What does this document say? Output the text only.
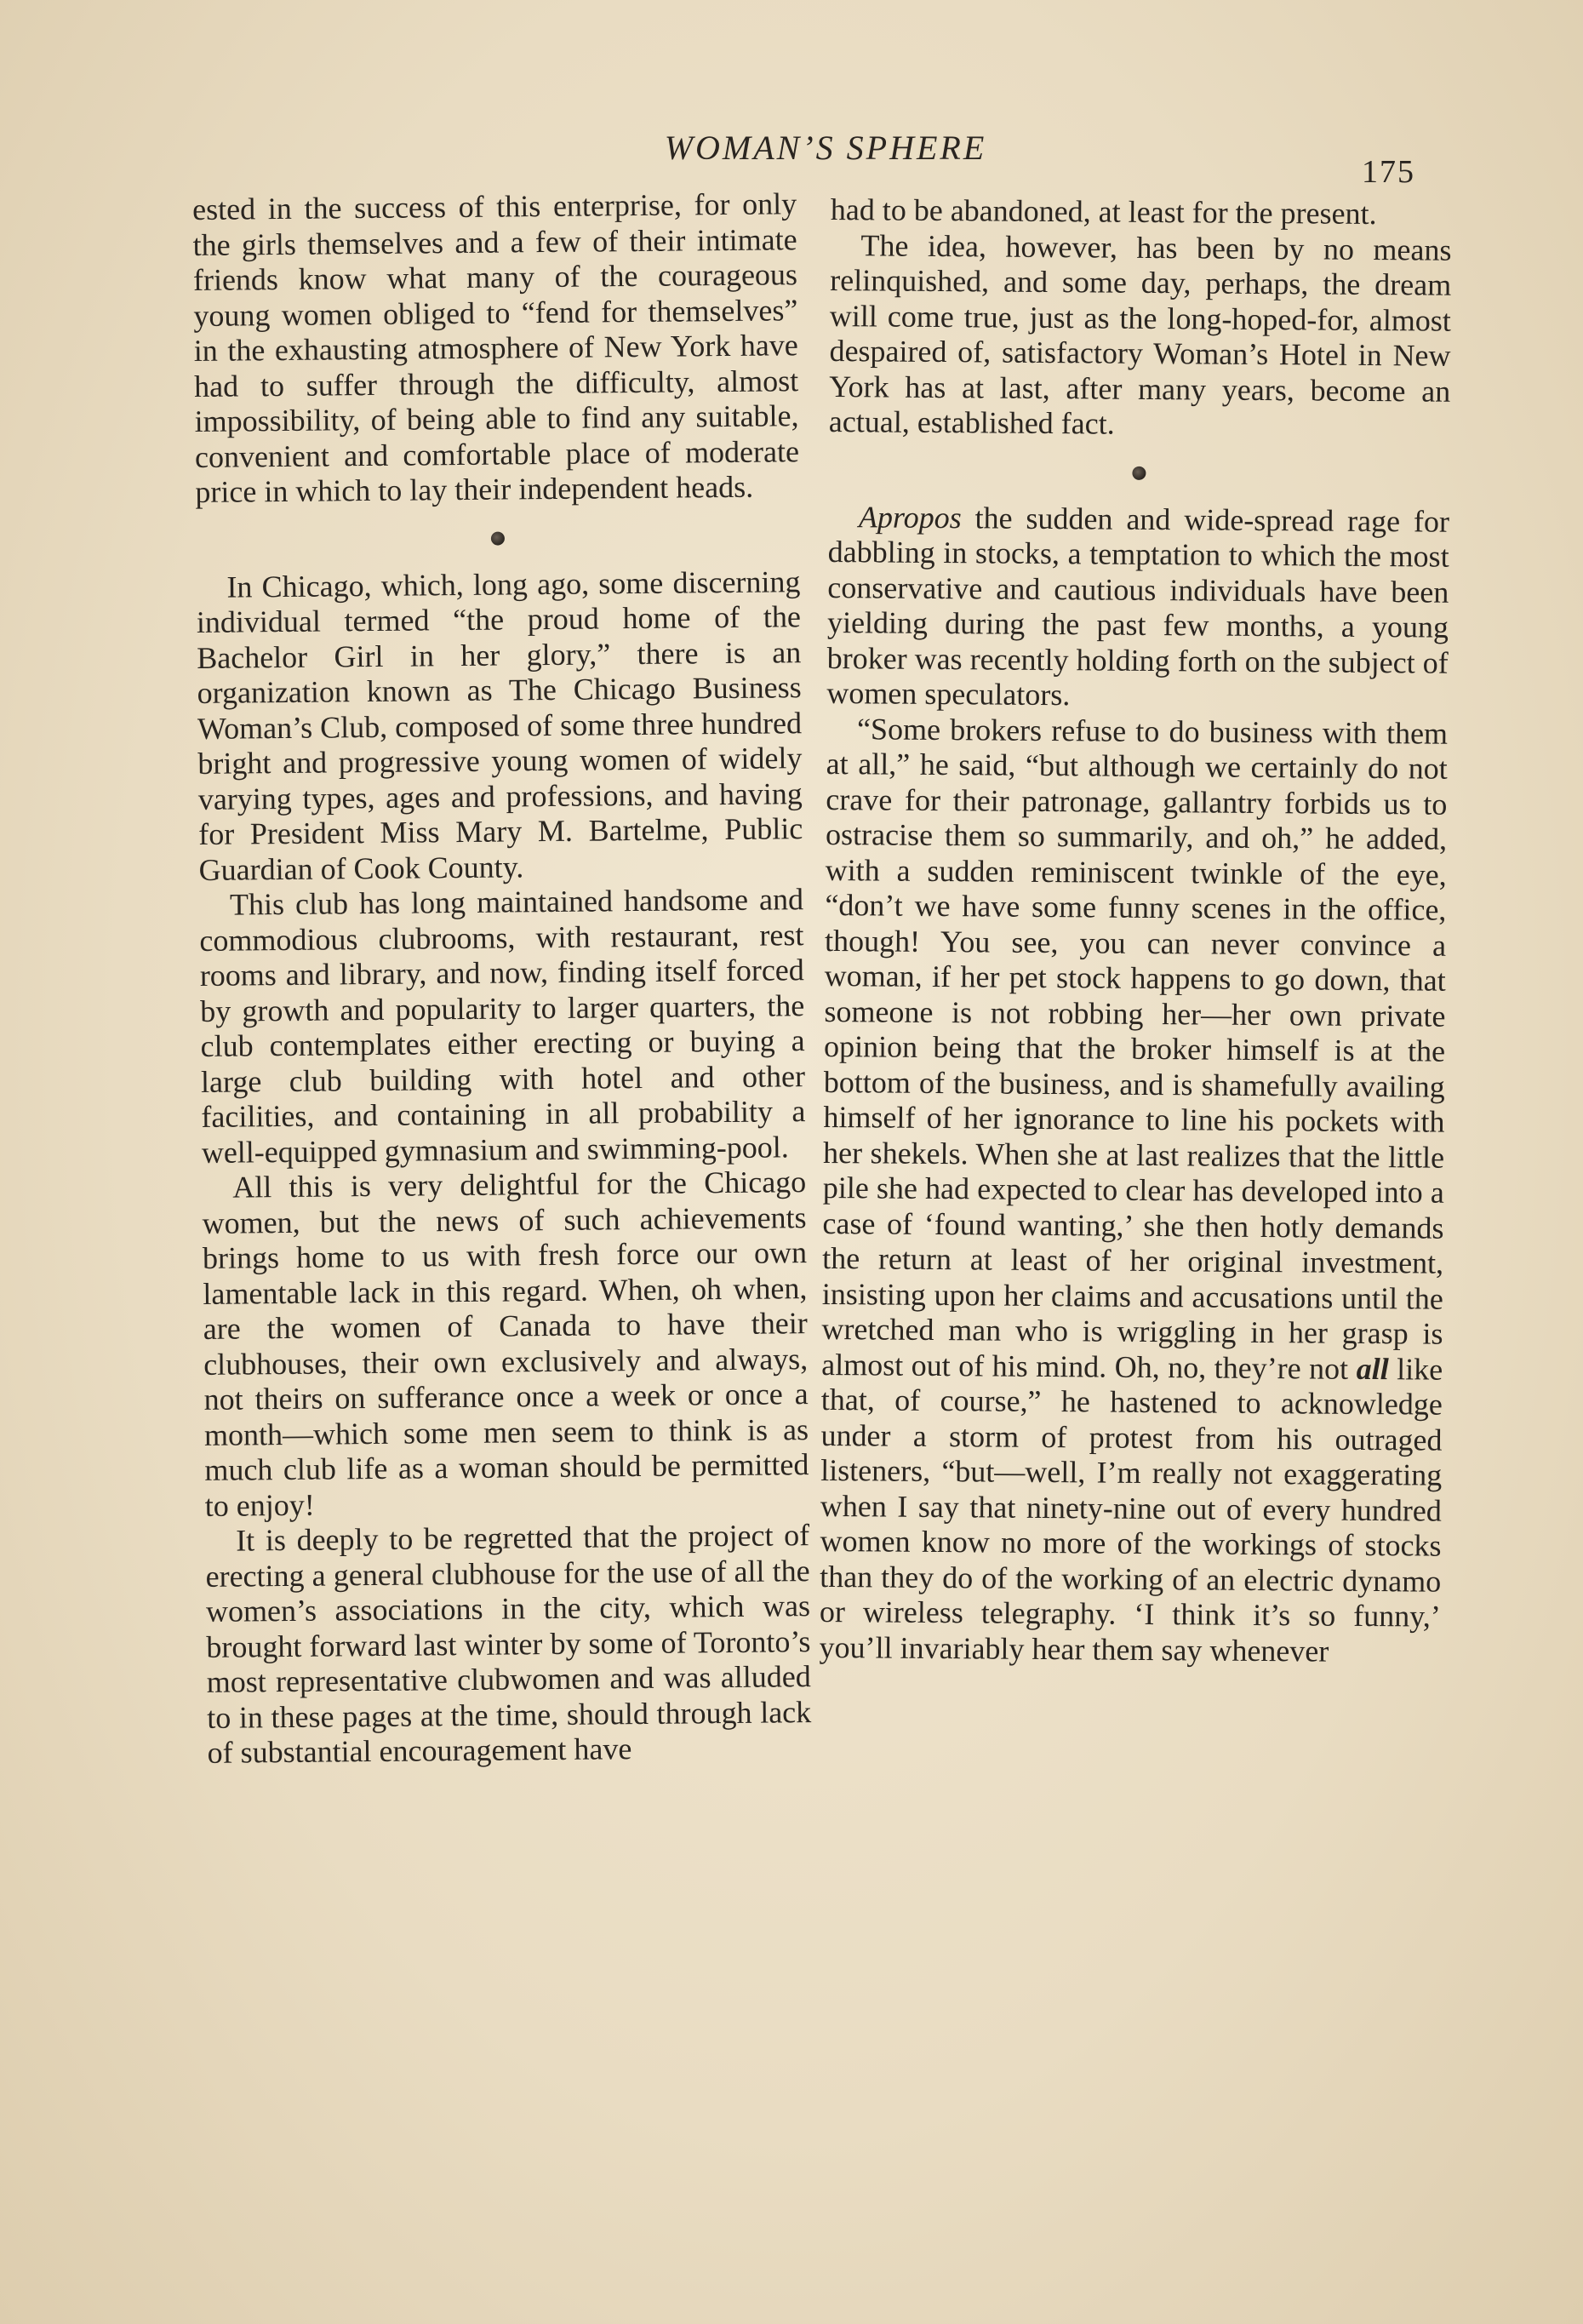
WOMAN’S SPHERE
175

ested in the success of this enterprise, for only the girls themselves and a few of their intimate friends know what many of the courageous young women obliged to “fend for themselves” in the exhausting atmosphere of New York have had to suffer through the difficulty, almost impossibility, of being able to find any suitable, convenient and comfortable place of moderate price in which to lay their independent heads.

In Chicago, which, long ago, some discerning individual termed “the proud home of the Bachelor Girl in her glory,” there is an organization known as The Chicago Business Woman’s Club, composed of some three hundred bright and progressive young women of widely varying types, ages and professions, and having for President Miss Mary M. Bartelme, Public Guardian of Cook County.

This club has long maintained handsome and commodious clubrooms, with restaurant, rest rooms and library, and now, finding itself forced by growth and popularity to larger quarters, the club contemplates either erecting or buying a large club building with hotel and other facilities, and containing in all probability a well-equipped gymnasium and swimming-pool.

All this is very delightful for the Chicago women, but the news of such achievements brings home to us with fresh force our own lamentable lack in this regard. When, oh when, are the women of Canada to have their clubhouses, their own exclusively and always, not theirs on sufferance once a week or once a month—which some men seem to think is as much club life as a woman should be permitted to enjoy!

It is deeply to be regretted that the project of erecting a general clubhouse for the use of all the women’s associations in the city, which was brought forward last winter by some of Toronto’s most representative clubwomen and was alluded to in these pages at the time, should through lack of substantial encouragement have

had to be abandoned, at least for the present.

The idea, however, has been by no means relinquished, and some day, perhaps, the dream will come true, just as the long-hoped-for, almost despaired of, satisfactory Woman’s Hotel in New York has at last, after many years, become an actual, established fact.

Apropos the sudden and wide-spread rage for dabbling in stocks, a temptation to which the most conservative and cautious individuals have been yielding during the past few months, a young broker was recently holding forth on the subject of women speculators.

“Some brokers refuse to do business with them at all,” he said, “but although we certainly do not crave for their patronage, gallantry forbids us to ostracise them so summarily, and oh,” he added, with a sudden reminiscent twinkle of the eye, “don’t we have some funny scenes in the office, though! You see, you can never convince a woman, if her pet stock happens to go down, that someone is not robbing her—her own private opinion being that the broker himself is at the bottom of the business, and is shamefully availing himself of her ignorance to line his pockets with her shekels. When she at last realizes that the little pile she had expected to clear has developed into a case of ‘found wanting,’ she then hotly demands the return at least of her original investment, insisting upon her claims and accusations until the wretched man who is wriggling in her grasp is almost out of his mind. Oh, no, they’re not all like that, of course,” he hastened to acknowledge under a storm of protest from his outraged listeners, “but—well, I’m really not exaggerating when I say that ninety-nine out of every hundred women know no more of the workings of stocks than they do of the working of an electric dynamo or wireless telegraphy. ‘I think it’s so funny,’ you’ll invariably hear them say whenever
